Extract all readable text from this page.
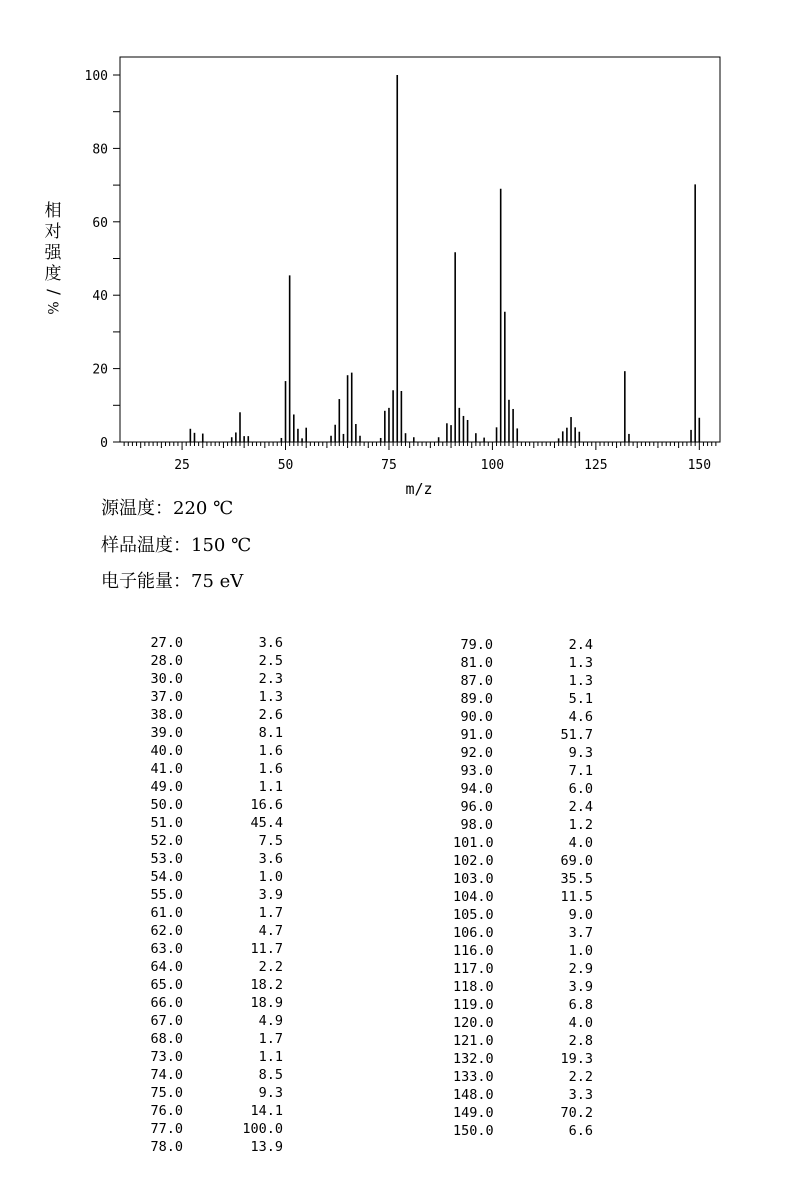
0
20
40
60
80
100
25	50	75	100	125	150
m/z
相
对
强
度
/
%
源温度：220 ℃
样品温度：150 ℃
电子能量：75 eV
27.0	3.6
28.0	2.5
30.0	2.3
37.0	1.3
38.0	2.6
39.0	8.1
40.0	1.6
41.0	1.6
49.0	1.1
50.0	16.6
51.0	45.4
52.0	7.5
53.0	3.6
54.0	1.0
55.0	3.9
61.0	1.7
62.0	4.7
63.0	11.7
64.0	2.2
65.0	18.2
66.0	18.9
67.0	4.9
68.0	1.7
73.0	1.1
74.0	8.5
75.0	9.3
76.0	14.1
77.0	100.0
78.0	13.9
79.0	2.4
81.0	1.3
87.0	1.3
89.0	5.1
90.0	4.6
91.0	51.7
92.0	9.3
93.0	7.1
94.0	6.0
96.0	2.4
98.0	1.2
101.0	4.0
102.0	69.0
103.0	35.5
104.0	11.5
105.0	9.0
106.0	3.7
116.0	1.0
117.0	2.9
118.0	3.9
119.0	6.8
120.0	4.0
121.0	2.8
132.0	19.3
133.0	2.2
148.0	3.3
149.0	70.2
150.0	6.6
